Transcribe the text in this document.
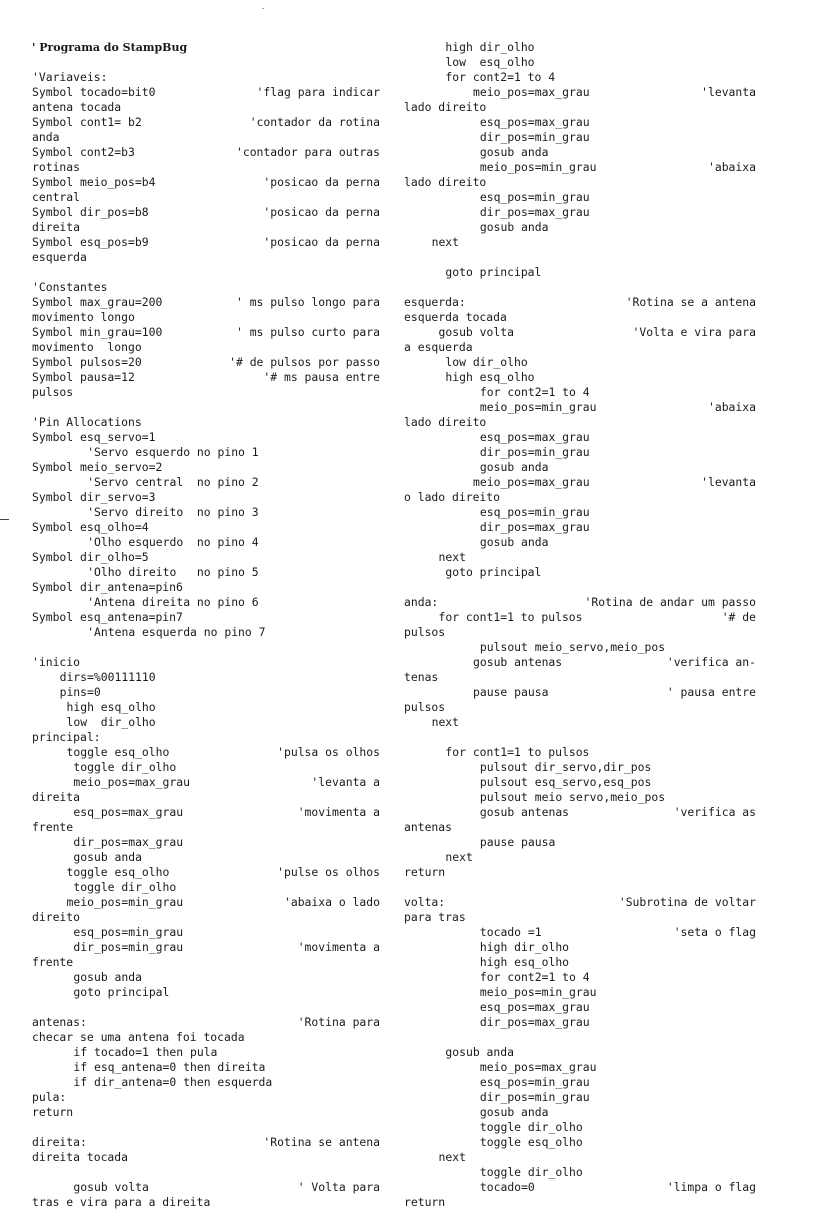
' Programa do StampBug
'Variaveis:
Symbol tocado=bit0	'flag para indicar
antena tocada
Symbol cont1= b2	'contador da rotina
anda
Symbol cont2=b3	'contador para outras
rotinas
Symbol meio_pos=b4	'posicao da perna
central
Symbol dir_pos=b8	'posicao da perna
direita
Symbol esq_pos=b9	'posicao da perna
esquerda
'Constantes
Symbol max_grau=200	' ms pulso longo para
movimento longo
Symbol min_grau=100	' ms pulso curto para
movimento  longo
Symbol pulsos=20	'# de pulsos por passo
Symbol pausa=12	'# ms pausa entre
pulsos
'Pin Allocations
Symbol esq_servo=1
'Servo esquerdo no pino 1
Symbol meio_servo=2
'Servo central  no pino 2
Symbol dir_servo=3
'Servo direito  no pino 3
Symbol esq_olho=4
'Olho esquerdo  no pino 4
Symbol dir_olho=5
'Olho direito   no pino 5
Symbol dir_antena=pin6
'Antena direita no pino 6
Symbol esq_antena=pin7
'Antena esquerda no pino 7
'inicio
dirs=%00111110
pins=0
high esq_olho
low  dir_olho
principal:
toggle esq_olho	'pulsa os olhos
toggle dir_olho
meio_pos=max_grau	'levanta a
direita
esq_pos=max_grau	'movimenta a
frente
dir_pos=max_grau
gosub anda
toggle esq_olho	'pulse os olhos
toggle dir_olho
meio_pos=min_grau	'abaixa o lado
direito
esq_pos=min_grau
dir_pos=min_grau	'movimenta a
frente
gosub anda
goto principal
antenas:	'Rotina para
checar se uma antena foi tocada
if tocado=1 then pula
if esq_antena=0 then direita
if dir_antena=0 then esquerda
pula:
return
direita:	'Rotina se antena
direita tocada
gosub volta	' Volta para
tras e vira para a direita
high dir_olho
low  esq_olho
for cont2=1 to 4
meio_pos=max_grau	'levanta
lado direito
esq_pos=max_grau
dir_pos=min_grau
gosub anda
meio_pos=min_grau	'abaixa
lado direito
esq_pos=min_grau
dir_pos=max_grau
gosub anda
next
goto principal
esquerda:	'Rotina se a antena
esquerda tocada
gosub volta	'Volta e vira para
a esquerda
low dir_olho
high esq_olho
for cont2=1 to 4
meio_pos=min_grau	'abaixa
lado direito
esq_pos=max_grau
dir_pos=min_grau
gosub anda
meio_pos=max_grau	'levanta
o lado direito
esq_pos=min_grau
dir_pos=max_grau
gosub anda
next
goto principal
anda:	'Rotina de andar um passo
for cont1=1 to pulsos	'# de
pulsos
pulsout meio_servo,meio_pos
gosub antenas	'verifica an-
tenas
pause pausa	' pausa entre
pulsos
next
for cont1=1 to pulsos
pulsout dir_servo,dir_pos
pulsout esq_servo,esq_pos
pulsout meio servo,meio_pos
gosub antenas	'verifica as
antenas
pause pausa
next
return
volta:	'Subrotina de voltar
para tras
tocado =1	'seta o flag
high dir_olho
high esq_olho
for cont2=1 to 4
meio_pos=min_grau
esq_pos=max_grau
dir_pos=max_grau
gosub anda
meio_pos=max_grau
esq_pos=min_grau
dir_pos=min_grau
gosub anda
toggle dir_olho
toggle esq_olho
next
toggle dir_olho
tocado=0	'limpa o flag
return
